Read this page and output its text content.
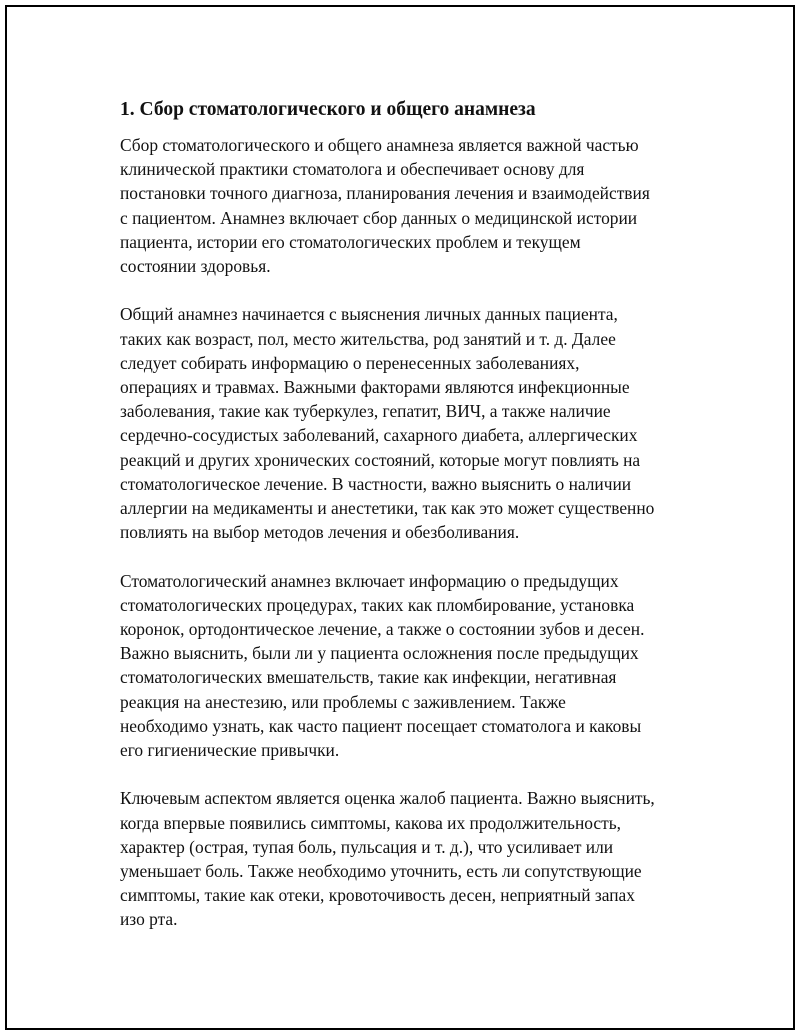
1. Сбор стоматологического и общего анамнеза

Сбор стоматологического и общего анамнеза является важной частью
клинической практики стоматолога и обеспечивает основу для
постановки точного диагноза, планирования лечения и взаимодействия
с пациентом. Анамнез включает сбор данных о медицинской истории
пациента, истории его стоматологических проблем и текущем
состоянии здоровья.

Общий анамнез начинается с выяснения личных данных пациента,
таких как возраст, пол, место жительства, род занятий и т. д. Далее
следует собирать информацию о перенесенных заболеваниях,
операциях и травмах. Важными факторами являются инфекционные
заболевания, такие как туберкулез, гепатит, ВИЧ, а также наличие
сердечно-сосудистых заболеваний, сахарного диабета, аллергических
реакций и других хронических состояний, которые могут повлиять на
стоматологическое лечение. В частности, важно выяснить о наличии
аллергии на медикаменты и анестетики, так как это может существенно
повлиять на выбор методов лечения и обезболивания.

Стоматологический анамнез включает информацию о предыдущих
стоматологических процедурах, таких как пломбирование, установка
коронок, ортодонтическое лечение, а также о состоянии зубов и десен.
Важно выяснить, были ли у пациента осложнения после предыдущих
стоматологических вмешательств, такие как инфекции, негативная
реакция на анестезию, или проблемы с заживлением. Также
необходимо узнать, как часто пациент посещает стоматолога и каковы
его гигиенические привычки.

Ключевым аспектом является оценка жалоб пациента. Важно выяснить,
когда впервые появились симптомы, какова их продолжительность,
характер (острая, тупая боль, пульсация и т. д.), что усиливает или
уменьшает боль. Также необходимо уточнить, есть ли сопутствующие
симптомы, такие как отеки, кровоточивость десен, неприятный запах
изо рта.
